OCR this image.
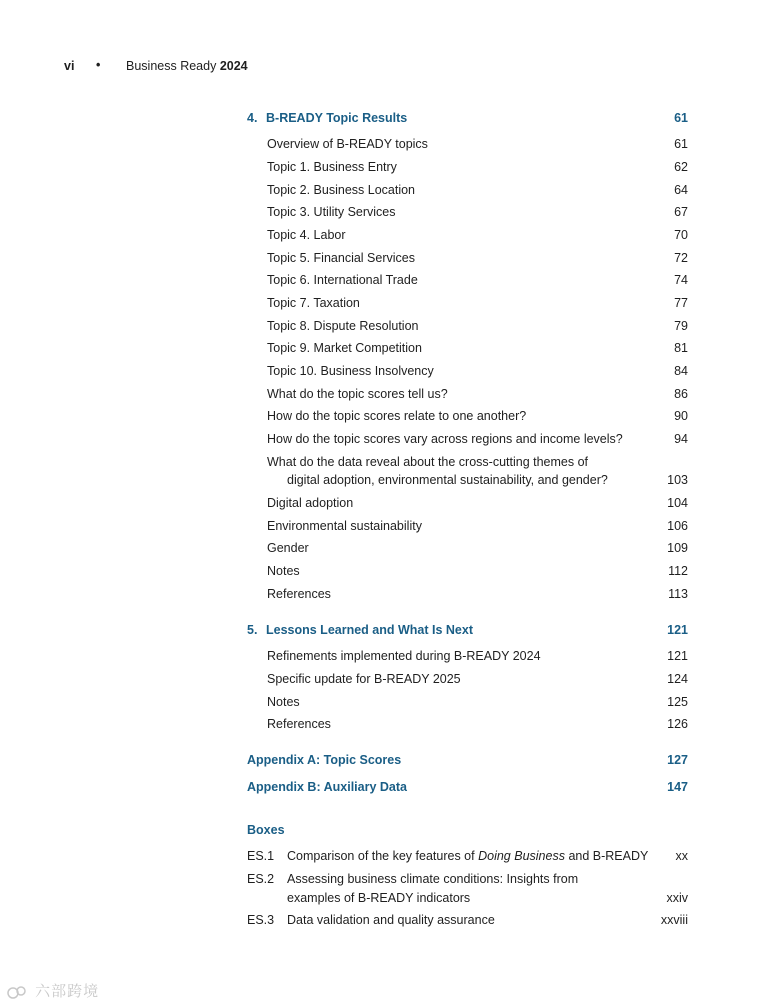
vi • Business Ready 2024
4. B-READY Topic Results	61
Overview of B-READY topics	61
Topic 1. Business Entry	62
Topic 2. Business Location	64
Topic 3. Utility Services	67
Topic 4. Labor	70
Topic 5. Financial Services	72
Topic 6. International Trade	74
Topic 7. Taxation	77
Topic 8. Dispute Resolution	79
Topic 9. Market Competition	81
Topic 10. Business Insolvency	84
What do the topic scores tell us?	86
How do the topic scores relate to one another?	90
How do the topic scores vary across regions and income levels?	94
What do the data reveal about the cross-cutting themes of
digital adoption, environmental sustainability, and gender?	103
Digital adoption	104
Environmental sustainability	106
Gender	109
Notes	112
References	113
5. Lessons Learned and What Is Next	121
Refinements implemented during B-READY 2024	121
Specific update for B-READY 2025	124
Notes	125
References	126
Appendix A: Topic Scores	127
Appendix B: Auxiliary Data	147
Boxes
ES.1 Comparison of the key features of Doing Business and B-READY xx
ES.2 Assessing business climate conditions: Insights from
examples of B-READY indicators	xxiv
ES.3 Data validation and quality assurance	xxviii
六部跨境
